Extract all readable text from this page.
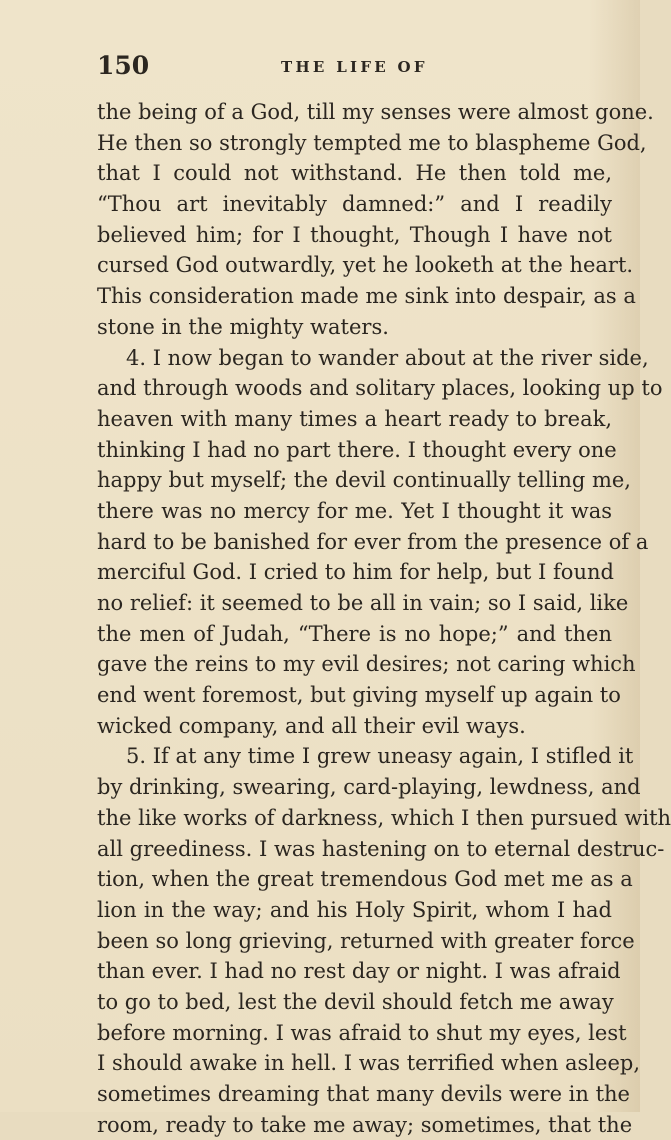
150	THE LIFE OF
the being of a God, till my senses were almost gone.
He then so strongly tempted me to blaspheme God,
that I could not withstand. He then told me,
“Thou art inevitably damned:” and I readily
believed him; for I thought, Though I have not
cursed God outwardly, yet he looketh at the heart.
This consideration made me sink into despair, as a
stone in the mighty waters.
4. I now began to wander about at the river side,
and through woods and solitary places, looking up to
heaven with many times a heart ready to break,
thinking I had no part there. I thought every one
happy but myself; the devil continually telling me,
there was no mercy for me. Yet I thought it was
hard to be banished for ever from the presence of a
merciful God. I cried to him for help, but I found
no relief: it seemed to be all in vain; so I said, like
the men of Judah, “There is no hope;” and then
gave the reins to my evil desires; not caring which
end went foremost, but giving myself up again to
wicked company, and all their evil ways.
5. If at any time I grew uneasy again, I stifled it
by drinking, swearing, card-playing, lewdness, and
the like works of darkness, which I then pursued with
all greediness. I was hastening on to eternal destruc-
tion, when the great tremendous God met me as a
lion in the way; and his Holy Spirit, whom I had
been so long grieving, returned with greater force
than ever. I had no rest day or night. I was afraid
to go to bed, lest the devil should fetch me away
before morning. I was afraid to shut my eyes, lest
I should awake in hell. I was terrified when asleep,
sometimes dreaming that many devils were in the
room, ready to take me away; sometimes, that the
